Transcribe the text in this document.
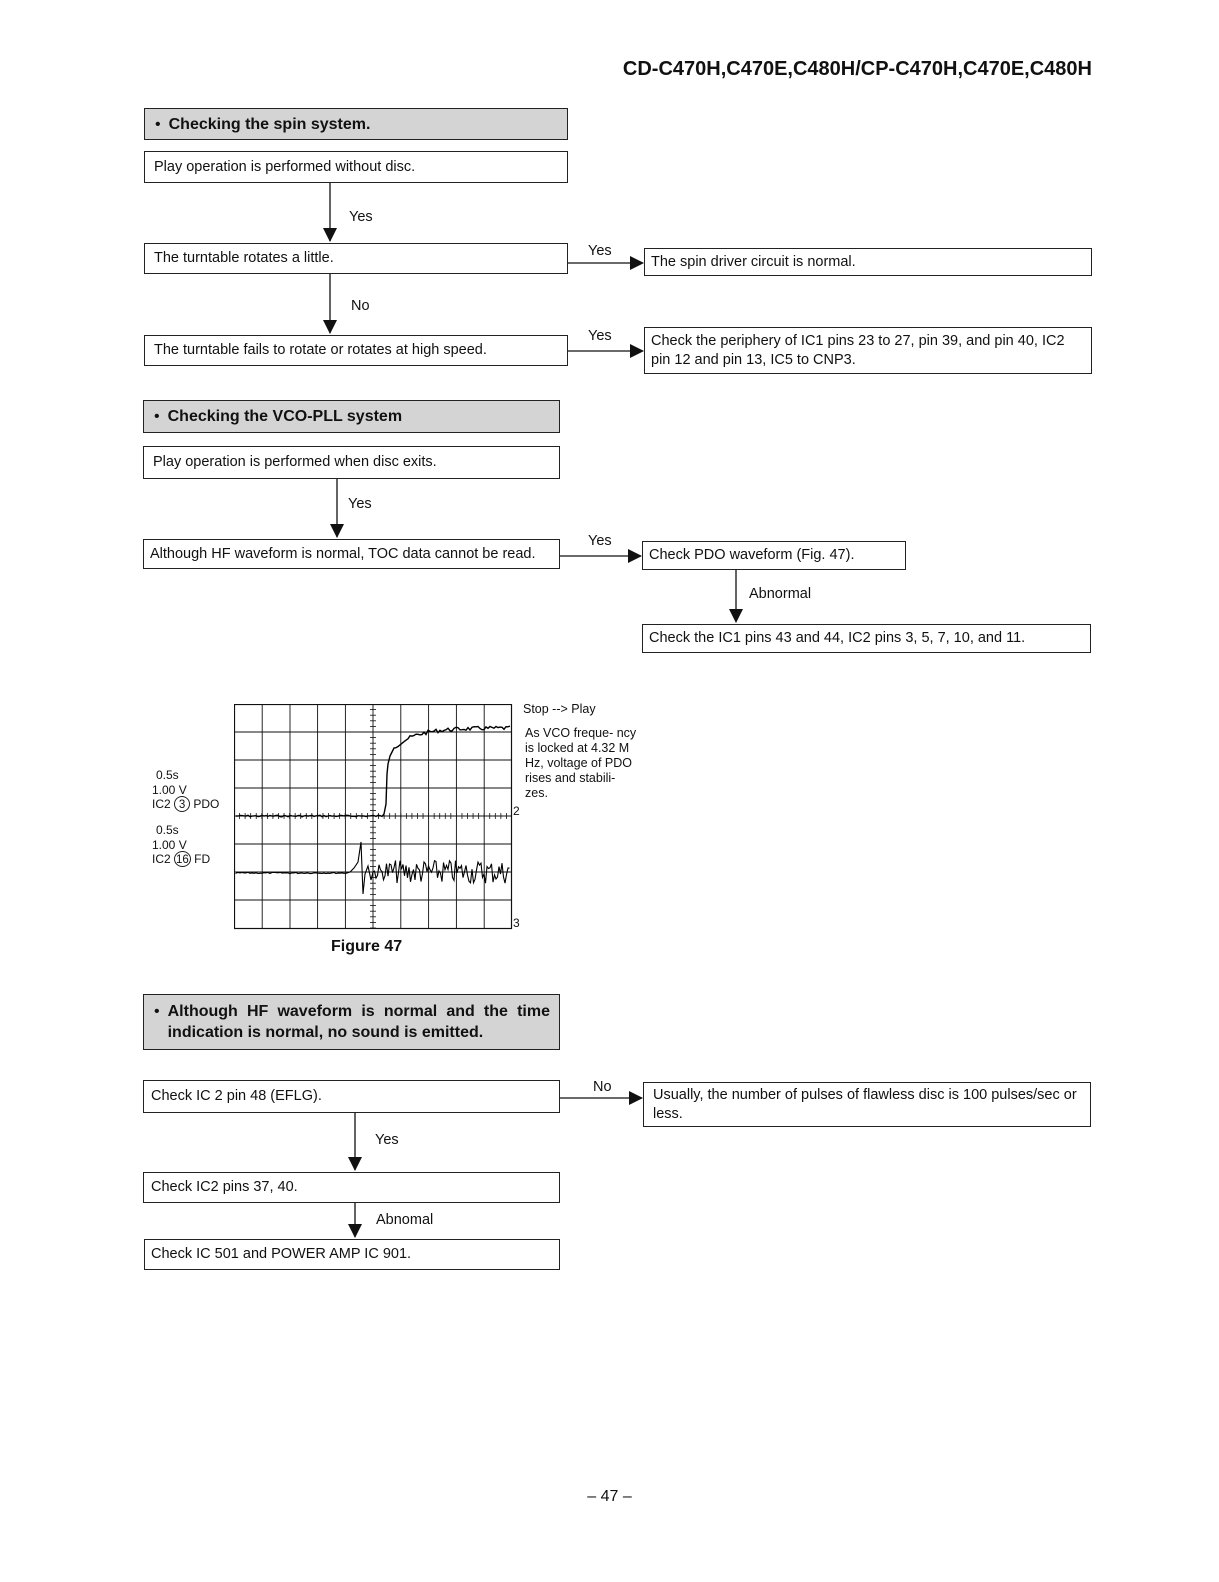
CD-C470H,C470E,C480H/CP-C470H,C470E,C480H
• Checking the spin system.
Play operation is performed without disc.
Yes
The turntable rotates a little.	Yes
The spin driver circuit is normal.
No
The turntable fails to rotate or rotates at high speed.
Yes	Check the periphery of IC1 pins 23 to 27, pin 39, and pin 40, IC2 pin 12 and pin 13, IC5 to CNP3.
• Checking the VCO-PLL system
Play operation is performed when disc exits.
Yes
Although HF waveform is normal, TOC data cannot be read.
Yes
Check PDO waveform (Fig. 47).
Abnormal
Check the IC1 pins 43 and 44, IC2 pins 3, 5, 7, 10, and 11.
0.5s
1.00 V
IC2 3 PDO
0.5s
1.00 V
IC2 16 FD
2
3
Stop --> Play
As VCO freque- ncy is locked at 4.32 M Hz, voltage of PDO rises and stabili- zes.
Figure 47
• Although HF waveform is normal and the time indication is normal, no sound is emitted.
Check IC 2 pin 48 (EFLG).
No	Usually, the number of pulses of flawless disc is 100 pulses/sec or less.
Yes
Check IC2 pins 37, 40.
Abnomal
Check IC 501 and POWER AMP IC 901.
– 47 –
